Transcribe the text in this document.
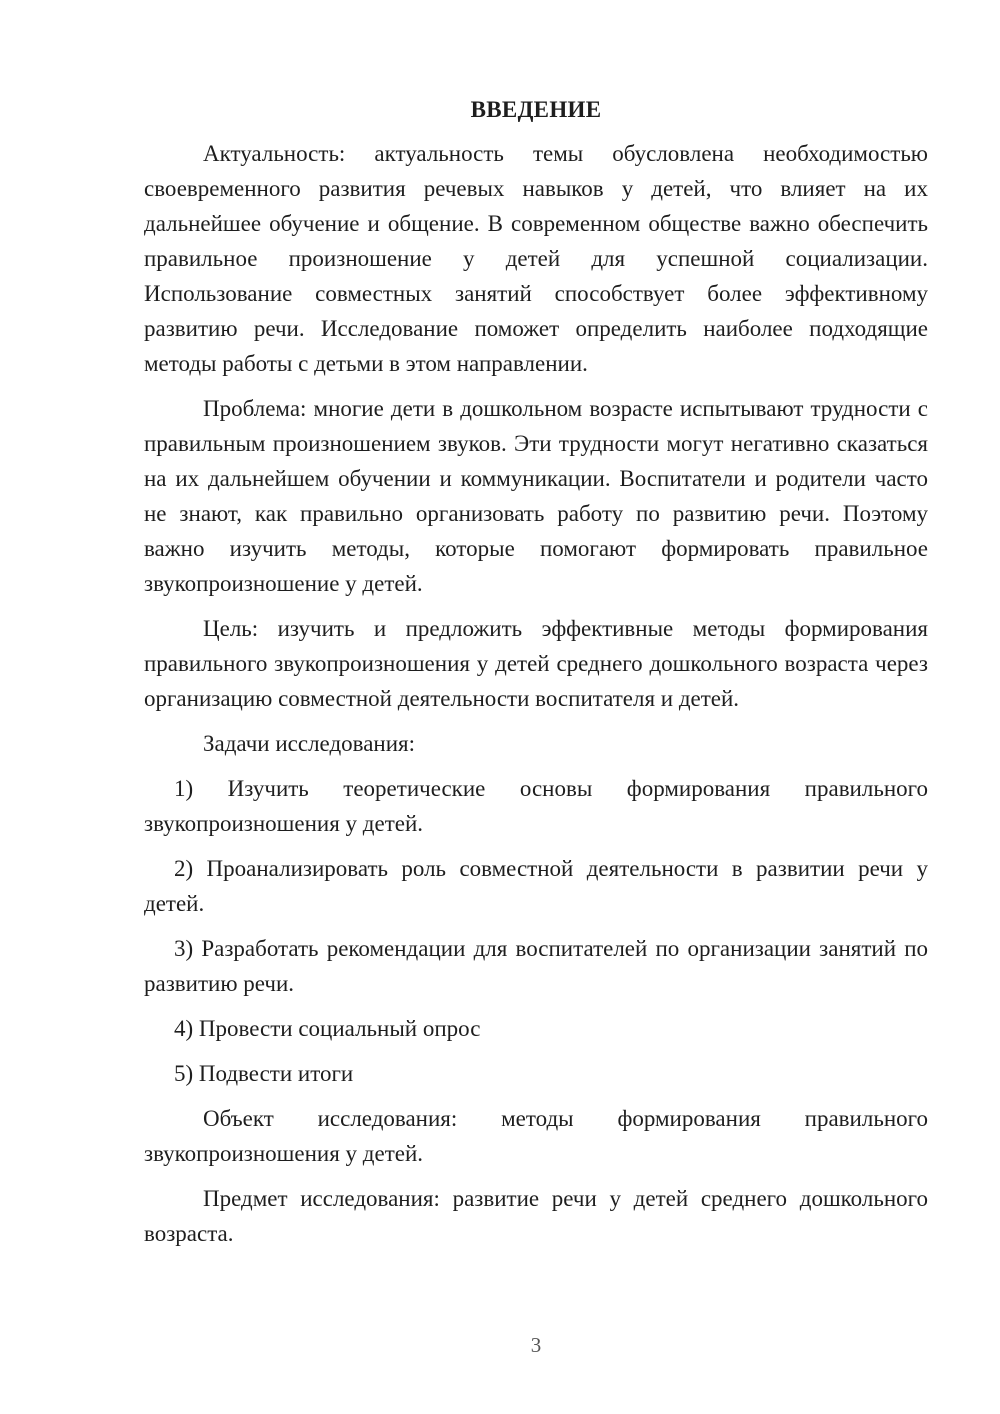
ВВЕДЕНИЕ

Актуальность: актуальность темы обусловлена необходимостью своевременного развития речевых навыков у детей, что влияет на их дальнейшее обучение и общение. В современном обществе важно обеспечить правильное произношение у детей для успешной социализации. Использование совместных занятий способствует более эффективному развитию речи. Исследование поможет определить наиболее подходящие методы работы с детьми в этом направлении.

Проблема: многие дети в дошкольном возрасте испытывают трудности с правильным произношением звуков. Эти трудности могут негативно сказаться на их дальнейшем обучении и коммуникации. Воспитатели и родители часто не знают, как правильно организовать работу по развитию речи. Поэтому важно изучить методы, которые помогают формировать правильное звукопроизношение у детей.

Цель: изучить и предложить эффективные методы формирования правильного звукопроизношения у детей среднего дошкольного возраста через организацию совместной деятельности воспитателя и детей.

Задачи исследования:

1) Изучить теоретические основы формирования правильного звукопроизношения у детей.

2) Проанализировать роль совместной деятельности в развитии речи у детей.

3) Разработать рекомендации для воспитателей по организации занятий по развитию речи.

4) Провести социальный опрос

5) Подвести итоги

Объект исследования: методы формирования правильного звукопроизношения у детей.

Предмет исследования: развитие речи у детей среднего дошкольного возраста.

3
